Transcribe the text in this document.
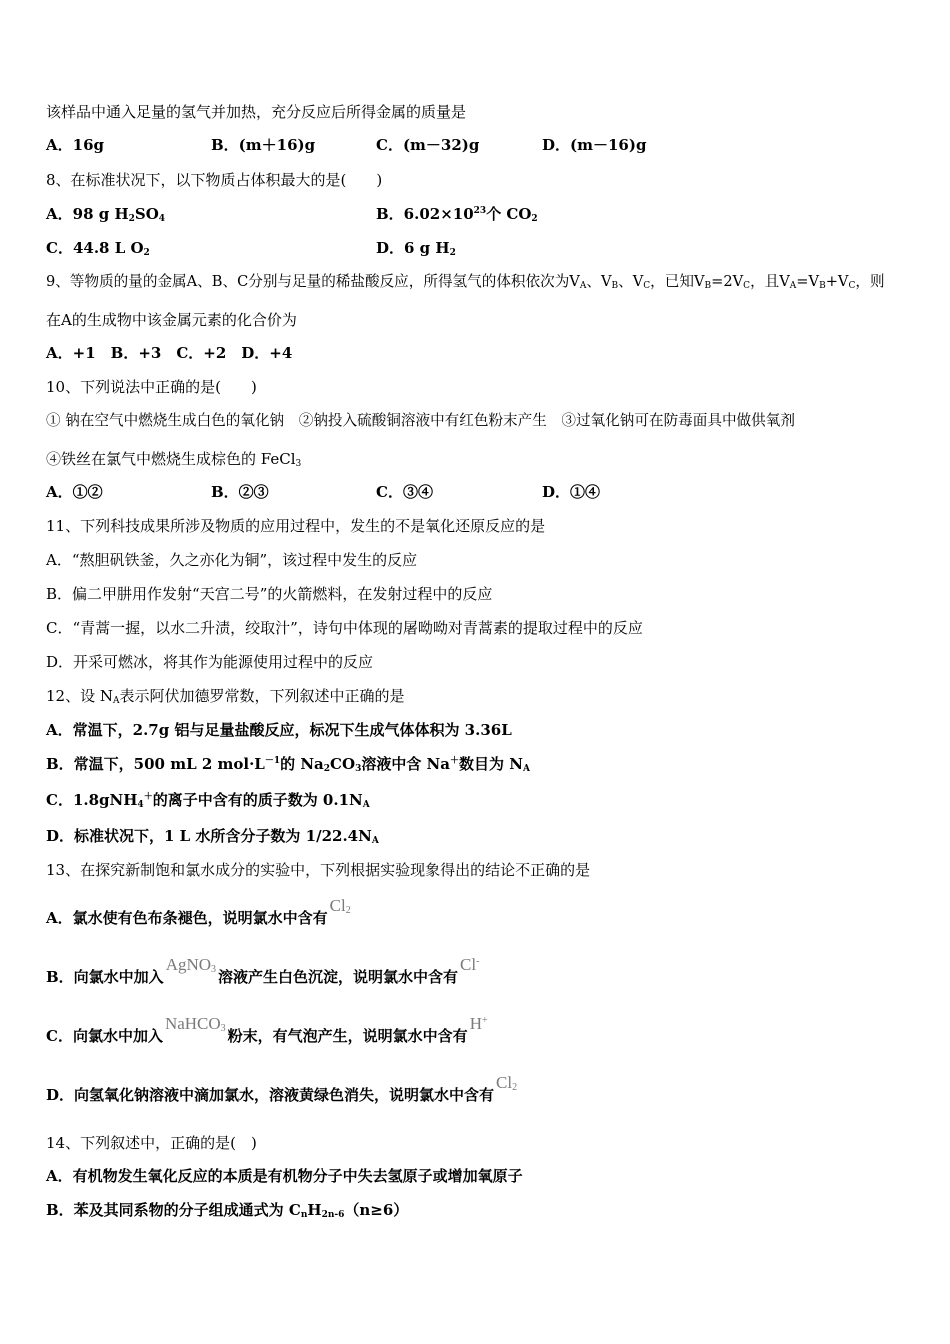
该样品中通入足量的氢气并加热，充分反应后所得金属的质量是
A．16g	B．(m＋16)g	C．(m－32)g	D．(m－16)g
8、在标准状况下，以下物质占体积最大的是(　　)
A．98 g $H_2SO_4$	B．$6.02\times 10^{23}$个 $CO_2$
C．44.8 L $O_2$	D．6 g $H_2$
9、等物质的量的金属A、B、C分别与足量的稀盐酸反应，所得氢气的体积依次为$V_A$、$V_B$、$V_C$，已知$V_B=2V_C$，且$V_A=V_B+V_C$，则
在A的生成物中该金属元素的化合价为
A．+1　B．+3　C．+2　D．+4
10、下列说法中正确的是(　　)
① 钠在空气中燃烧生成白色的氧化钠　②钠投入硫酸铜溶液中有红色粉末产生　③过氧化钠可在防毒面具中做供氧剂
④铁丝在氯气中燃烧生成棕色的 FeCl$_3$
A．①②	B．②③	C．③④	D．①④
11、下列科技成果所涉及物质的应用过程中，发生的不是氧化还原反应的是
A．“熬胆矾铁釜，久之亦化为铜”，该过程中发生的反应
B．偏二甲肼用作发射“天宫二号”的火箭燃料，在发射过程中的反应
C．“青蒿一握，以水二升渍，绞取汁”，诗句中体现的屠呦呦对青蒿素的提取过程中的反应
D．开采可燃冰，将其作为能源使用过程中的反应
12、设 $N_A$表示阿伏加德罗常数，下列叙述中正确的是
A．常温下，2.7g 铝与足量盐酸反应，标况下生成气体体积为 3.36L
B．常温下，500 mL 2 $mol\cdot L^{-1}$的 $Na_2CO_3$溶液中含 Na＋数目为 $N_A$
C．1.8gNH$_4$＋的离子中含有的质子数为 $0.1N_A$
D．标准状况下，1 L 水所含分子数为 $1/22.4N_A$
13、在探究新制饱和氯水成分的实验中，下列根据实验现象得出的结论不正确的是
A．氯水使有色布条褪色，说明氯水中含有$Cl_2$
B．向氯水中加入AgNO$_3$ 溶液产生白色沉淀，说明氯水中含有Cl-
C．向氯水中加入NaHCO$_3$ 粉末，有气泡产生，说明氯水中含有H+
D．向氢氧化钠溶液中滴加氯水，溶液黄绿色消失，说明氯水中含有$Cl_2$
14、下列叙述中，正确的是(　)
A．有机物发生氧化反应的本质是有机物分子中失去氢原子或增加氧原子
B．苯及其同系物的分子组成通式为 $C_nH_{2n-6}(n\ge 6)$
